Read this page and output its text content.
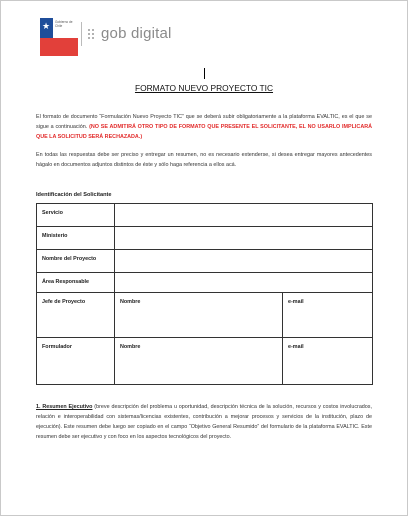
★ Gobierno de Chile	gob digital
FORMATO NUEVO PROYECTO TIC
El formato de documento “Formulación Nuevo Proyecto TIC” que se deberá subir obligatoriamente a la plataforma EVALTIC, es el que se sigue a continuación. (NO SE ADMITIRÁ OTRO TIPO DE FORMATO QUE PRESENTE EL SOLICITANTE, EL NO USARLO IMPLICARÁ QUE LA SOLICITUD SERÁ RECHAZADA.)
En todas las respuestas debe ser preciso y entregar un resumen, no es necesario extenderse, si desea entregar mayores antecedentes hágalo en documentos adjuntos distintos de éste y sólo haga referencia a ellos acá.
Identificación del Solicitante
Servicio		

Ministerio		

Nombre del Proyecto		

Área Responsable		

Jefe de Proyecto	Nombre	e-mail

Formulador	Nombre	e-mail
1. Resumen Ejecutivo (breve descripción del problema u oportunidad, descripción técnica de la solución, recursos y costos involucrados, relación e interoperabilidad con sistemas/licencias existentes, contribución a mejorar procesos y servicios de la institución, plazo de ejecución). Este resumen debe luego ser copiado en el campo “Objetivo General Resumido” del formulario de la plataforma EVALTIC. Este resumen debe ser ejecutivo y con foco en los aspectos tecnológicos del proyecto.
